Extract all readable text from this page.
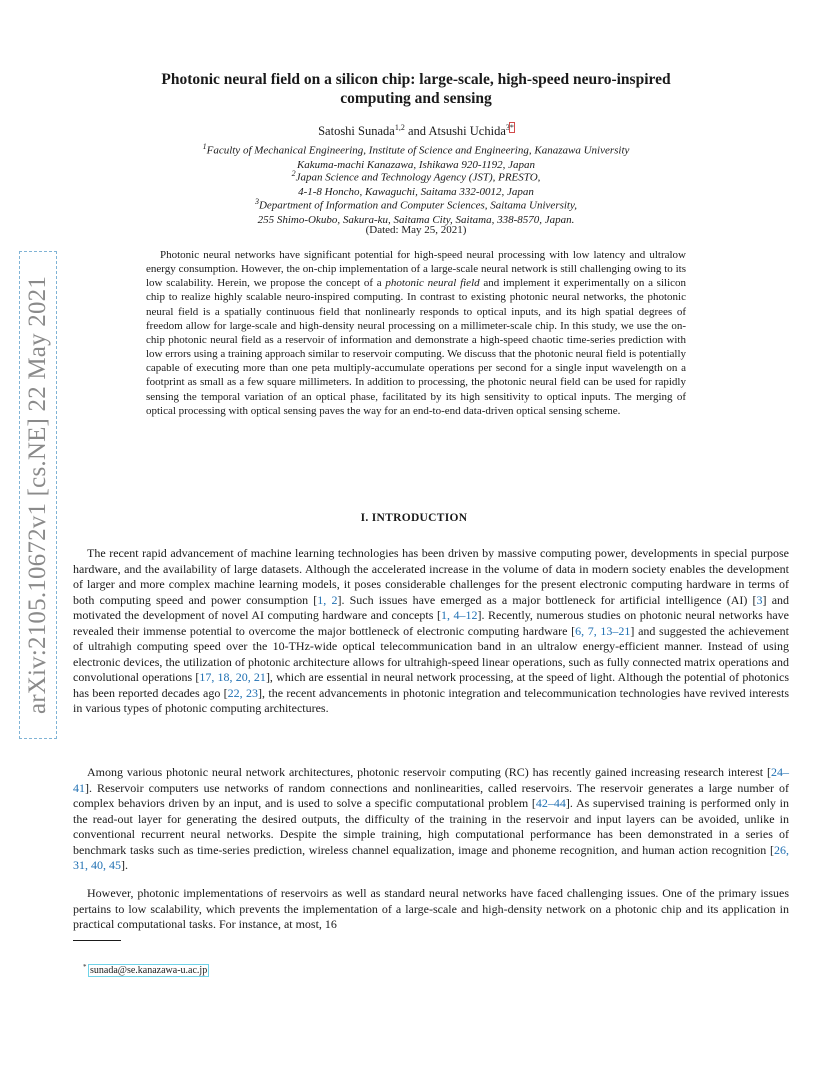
arXiv:2105.10672v1 [cs.NE] 22 May 2021
Photonic neural field on a silicon chip: large-scale, high-speed neuro-inspired
computing and sensing
Satoshi Sunada$^{1,2}$ and Atsushi Uchida$^{3*}$
$^1$Faculty of Mechanical Engineering, Institute of Science and Engineering, Kanazawa University
Kakuma-machi Kanazawa, Ishikawa 920-1192, Japan
$^2$Japan Science and Technology Agency (JST), PRESTO,
4-1-8 Honcho, Kawaguchi, Saitama 332-0012, Japan
$^3$Department of Information and Computer Sciences, Saitama University,
255 Shimo-Okubo, Sakura-ku, Saitama City, Saitama, 338-8570, Japan.
(Dated: May 25, 2021)
Photonic neural networks have significant potential for high-speed neural processing with low latency and ultralow energy consumption. However, the on-chip implementation of a large-scale neural network is still challenging owing to its low scalability. Herein, we propose the concept of a photonic neural field and implement it experimentally on a silicon chip to realize highly scalable neuro-inspired computing. In contrast to existing photonic neural networks, the photonic neural field is a spatially continuous field that nonlinearly responds to optical inputs, and its high spatial degrees of freedom allow for large-scale and high-density neural processing on a millimeter-scale chip. In this study, we use the on-chip photonic neural field as a reservoir of information and demonstrate a high-speed chaotic time-series prediction with low errors using a training approach similar to reservoir computing. We discuss that the photonic neural field is potentially capable of executing more than one peta multiply-accumulate operations per second for a single input wavelength on a footprint as small as a few square millimeters. In addition to processing, the photonic neural field can be used for rapidly sensing the temporal variation of an optical phase, facilitated by its high sensitivity to optical inputs. The merging of optical processing with optical sensing paves the way for an end-to-end data-driven optical sensing scheme.
I. INTRODUCTION
The recent rapid advancement of machine learning technologies has been driven by massive computing power, developments in special purpose hardware, and the availability of large datasets. Although the accelerated increase in the volume of data in modern society enables the development of larger and more complex machine learning models, it poses considerable challenges for the present electronic computing hardware in terms of both computing speed and power consumption [1, 2]. Such issues have emerged as a major bottleneck for artificial intelligence (AI) [3] and motivated the development of novel AI computing hardware and concepts [1, 4–12]. Recently, numerous studies on photonic neural networks have revealed their immense potential to overcome the major bottleneck of electronic computing hardware [6, 7, 13–21] and suggested the achievement of ultrahigh computing speed over the 10-THz-wide optical telecommunication band in an ultralow energy-efficient manner. Instead of using electronic devices, the utilization of photonic architecture allows for ultrahigh-speed linear operations, such as fully connected matrix operations and convolutional operations [17, 18, 20, 21], which are essential in neural network processing, at the speed of light. Although the potential of photonics has been reported decades ago [22, 23], the recent advancements in photonic integration and telecommunication technologies have revived interests in various types of photonic computing architectures.
Among various photonic neural network architectures, photonic reservoir computing (RC) has recently gained increasing research interest [24–41]. Reservoir computers use networks of random connections and nonlinearities, called reservoirs. The reservoir generates a large number of complex behaviors driven by an input, and is used to solve a specific computational problem [42–44]. As supervised training is performed only in the read-out layer for generating the desired outputs, the difficulty of the training in the reservoir and input layers can be avoided, unlike in conventional recurrent neural networks. Despite the simple training, high computational performance has been demonstrated in a series of benchmark tasks such as time-series prediction, wireless channel equalization, image and phoneme recognition, and human action recognition [26, 31, 40, 45].
However, photonic implementations of reservoirs as well as standard neural networks have faced challenging issues. One of the primary issues pertains to low scalability, which prevents the implementation of a large-scale and high-density network on a photonic chip and its application in practical computational tasks. For instance, at most, 16
* sunada@se.kanazawa-u.ac.jp
